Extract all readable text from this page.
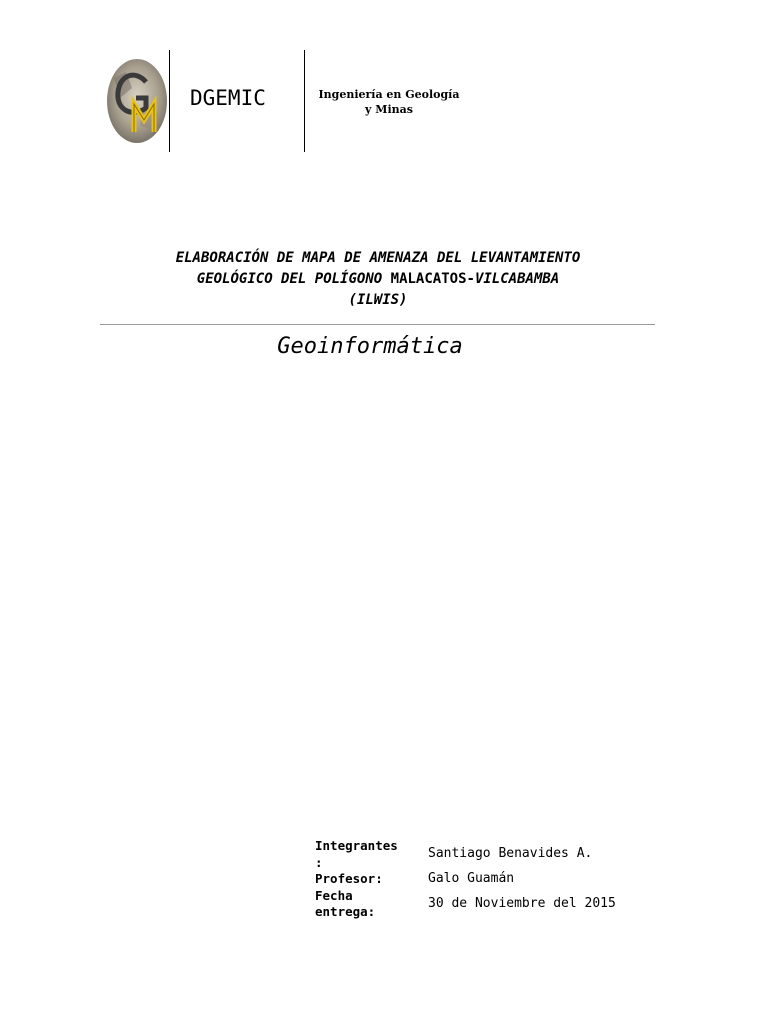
DGEMIC	Ingeniería en Geología
y Minas
ELABORACIÓN DE MAPA DE AMENAZA DEL LEVANTAMIENTO
GEOLÓGICO DEL POLÍGONO MALACATOS-VILCABAMBA
(ILWIS)
Geoinformática
Integrantes
:	Santiago Benavides A.
Profesor:	Galo Guamán

Fecha
entrega:	30 de Noviembre del 2015
